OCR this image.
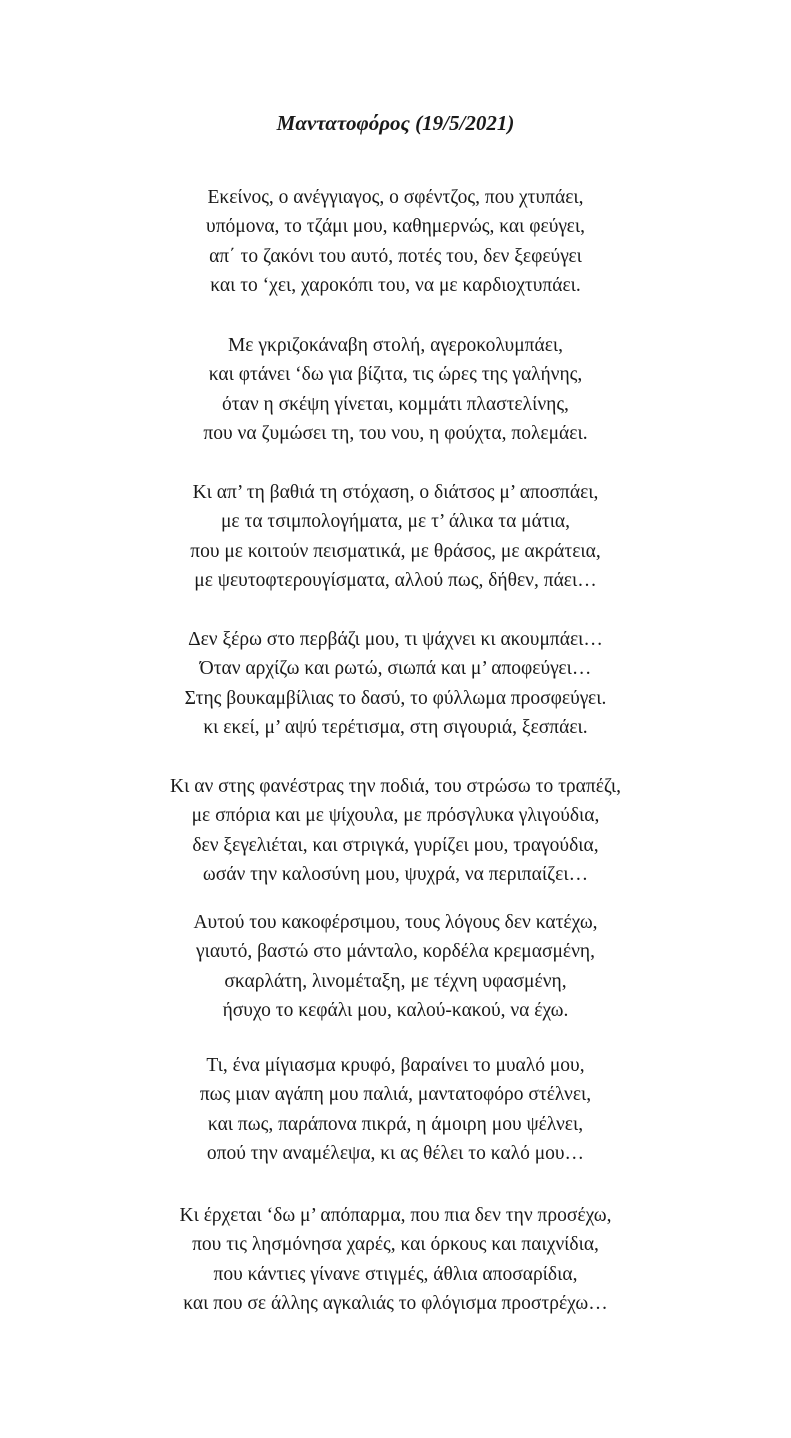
Μαντατοφόρος (19/5/2021)
Εκείνος, ο ανέγγιαγος, ο σφέντζος, που χτυπάει,
υπόμονα, το τζάμι μου, καθημερνώς, και φεύγει,
απ΄ το ζακόνι του αυτό, ποτές του, δεν ξεφεύγει
και το ‘χει, χαροκόπι του, να με καρδιοχτυπάει.
Με γκριζοκάναβη στολή, αγεροκολυμπάει,
και φτάνει ‘δω για βίζιτα, τις ώρες της γαλήνης,
όταν η σκέψη γίνεται, κομμάτι πλαστελίνης,
που να ζυμώσει τη, του νου, η φούχτα, πολεμάει.
Κι απ’ τη βαθιά τη στόχαση, ο διάτσος μ’ αποσπάει,
με τα τσιμπολογήματα, με τ’ άλικα τα μάτια,
που με κοιτούν πεισματικά, με θράσος, με ακράτεια,
με ψευτοφτερουγίσματα, αλλού πως, δήθεν, πάει…
Δεν ξέρω στο περβάζι μου, τι ψάχνει κι ακουμπάει…
Όταν αρχίζω και ρωτώ, σιωπά και μ’ αποφεύγει…
Στης βουκαμβίλιας το δασύ, το φύλλωμα προσφεύγει.
κι εκεί, μ’ αψύ τερέτισμα, στη σιγουριά, ξεσπάει.
Κι αν στης φανέστρας την ποδιά, του στρώσω το τραπέζι,
με σπόρια και με ψίχουλα, με πρόσγλυκα γλιγούδια,
δεν ξεγελιέται, και στριγκά, γυρίζει μου, τραγούδια,
ωσάν την καλοσύνη μου, ψυχρά, να περιπαίζει…
Αυτού του κακοφέρσιμου, τους λόγους δεν κατέχω,
γιαυτό, βαστώ στο μάνταλο, κορδέλα κρεμασμένη,
σκαρλάτη, λινομέταξη, με τέχνη υφασμένη,
ήσυχο το κεφάλι μου, καλού-κακού, να έχω.
Τι, ένα μίγιασμα κρυφό, βαραίνει το μυαλό μου,
πως μιαν αγάπη μου παλιά, μαντατοφόρο στέλνει,
και πως, παράπονα πικρά, η άμοιρη μου ψέλνει,
οπού την αναμέλεψα, κι ας θέλει το καλό μου…
Κι έρχεται ‘δω μ’ απόπαρμα, που πια δεν την προσέχω,
που τις λησμόνησα χαρές, και όρκους και παιχνίδια,
που κάντιες γίνανε στιγμές, άθλια αποσαρίδια,
και που σε άλλης αγκαλιάς το φλόγισμα προστρέχω…
